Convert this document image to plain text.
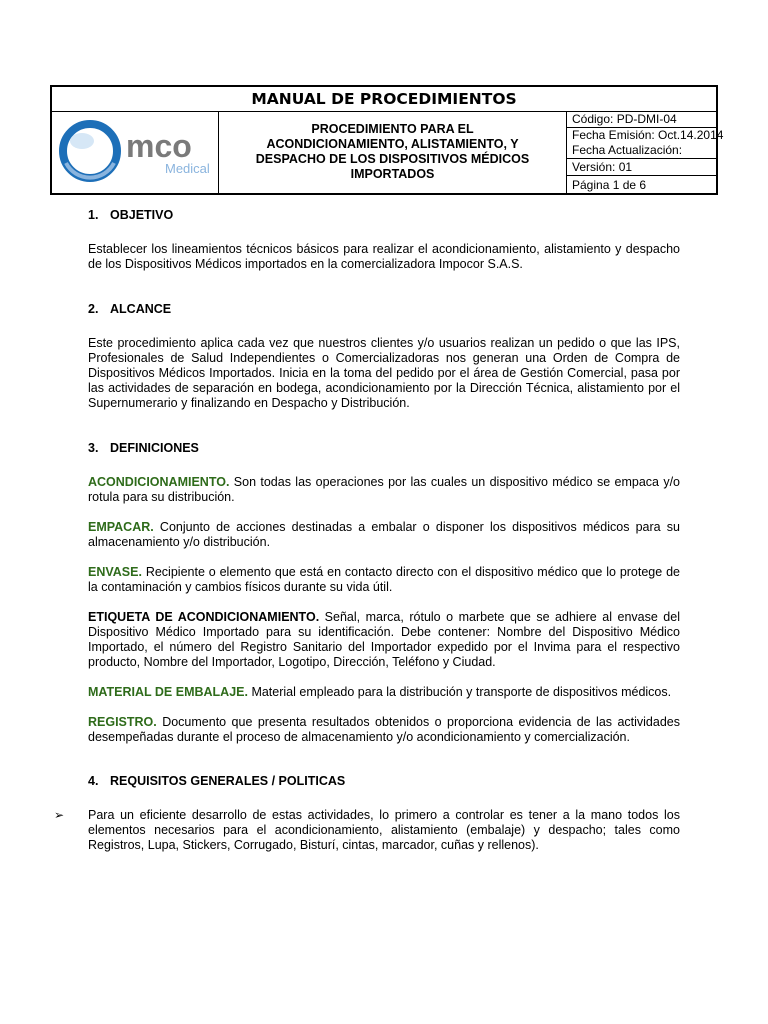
MANUAL DE PROCEDIMIENTOS
mco
Medical
PROCEDIMIENTO PARA EL ACONDICIONAMIENTO, ALISTAMIENTO, Y DESPACHO DE LOS DISPOSITIVOS MÉDICOS IMPORTADOS
Código: PD-DMI-04
Fecha Emisión: Oct.14.2014
Fecha Actualización:
Versión: 01
Página 1 de 6
1. OBJETIVO

Establecer los lineamientos técnicos básicos para realizar el acondicionamiento, alistamiento y despacho de los Dispositivos Médicos importados en la comercializadora Impocor S.A.S.

2. ALCANCE

Este procedimiento aplica cada vez que nuestros clientes y/o usuarios realizan un pedido o que las IPS, Profesionales de Salud Independientes o Comercializadoras nos generan una Orden de Compra de Dispositivos Médicos Importados. Inicia en la toma del pedido por el área de Gestión Comercial, pasa por las actividades de separación en bodega, acondicionamiento por la Dirección Técnica, alistamiento por el Supernumerario y finalizando en Despacho y Distribución.

3. DEFINICIONES

ACONDICIONAMIENTO. Son todas las operaciones por las cuales un dispositivo médico se empaca y/o rotula para su distribución.

EMPACAR. Conjunto de acciones destinadas a embalar o disponer los dispositivos médicos para su almacenamiento y/o distribución.

ENVASE. Recipiente o elemento que está en contacto directo con el dispositivo médico que lo protege de la contaminación y cambios físicos durante su vida útil.

ETIQUETA DE ACONDICIONAMIENTO. Señal, marca, rótulo o marbete que se adhiere al envase del Dispositivo Médico Importado para su identificación. Debe contener: Nombre del Dispositivo Médico Importado, el número del Registro Sanitario del Importador expedido por el Invima para el respectivo producto, Nombre del Importador, Logotipo, Dirección, Teléfono y Ciudad.

MATERIAL DE EMBALAJE. Material empleado para la distribución y transporte de dispositivos médicos.

REGISTRO. Documento que presenta resultados obtenidos o proporciona evidencia de las actividades desempeñadas durante el proceso de almacenamiento y/o acondicionamiento y comercialización.

4. REQUISITOS GENERALES / POLITICAS
➢ Para un eficiente desarrollo de estas actividades, lo primero a controlar es tener a la mano todos los elementos necesarios para el acondicionamiento, alistamiento (embalaje) y despacho; tales como Registros, Lupa, Stickers, Corrugado, Bisturí, cintas, marcador, cuñas y rellenos).
